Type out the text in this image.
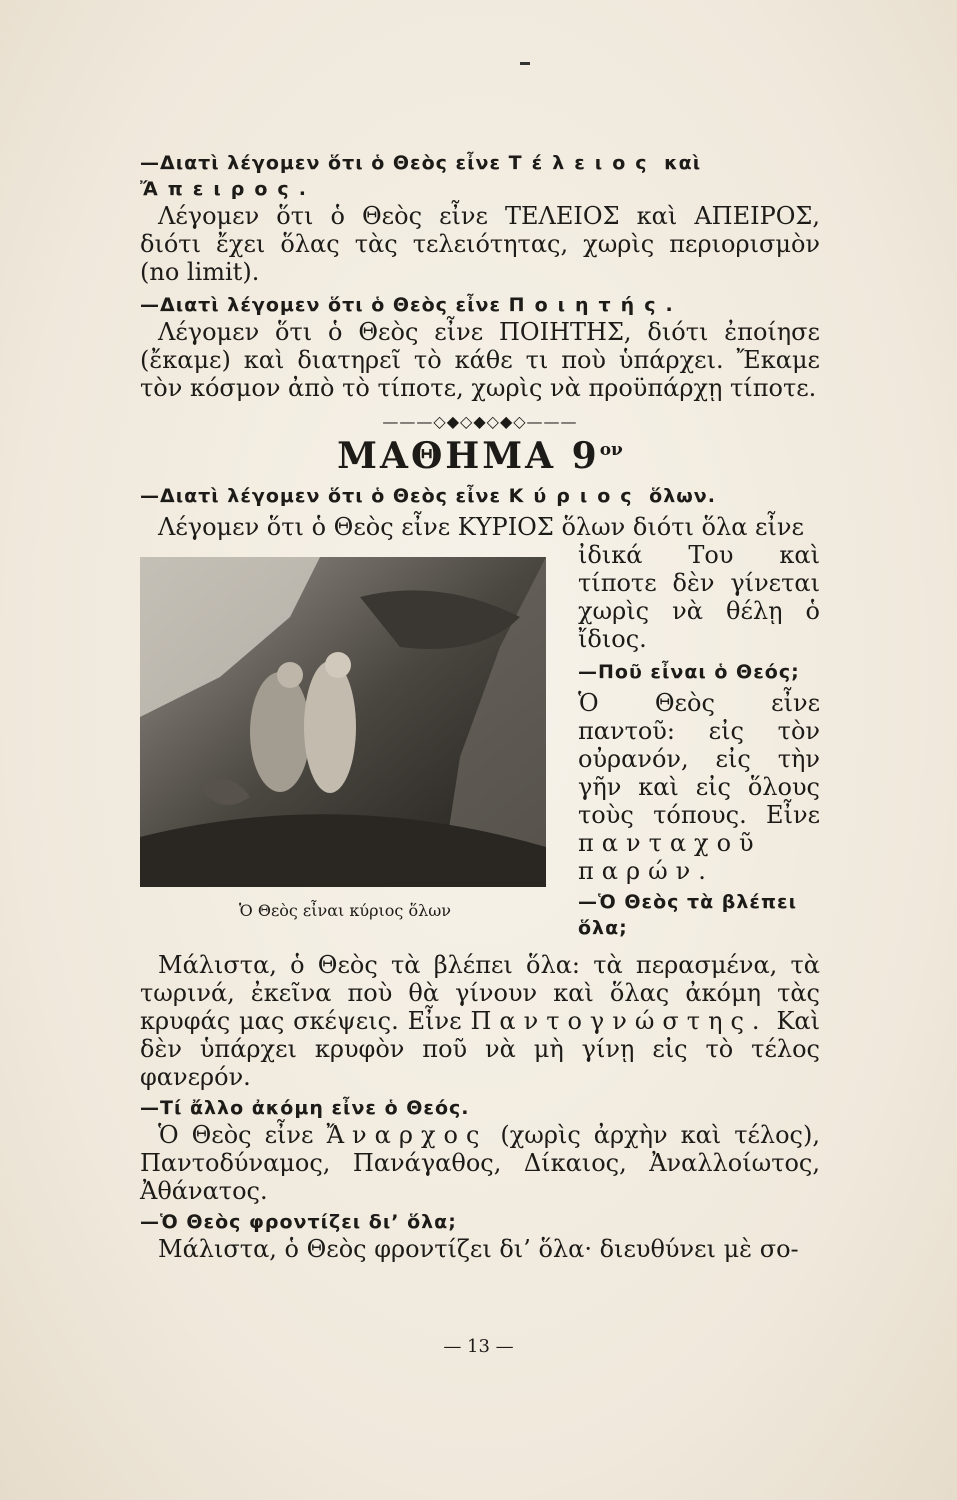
—Διατὶ λέγομεν ὅτι ὁ Θεὸς εἶνε Τέλειος καὶ Ἄπειρος.

Λέγομεν ὅτι ὁ Θεὸς εἶνε ΤΕΛΕΙΟΣ καὶ ΑΠΕΙΡΟΣ, διότι ἔχει ὅλας τὰς τελειότητας, χωρὶς περιορισμὸν (no limit).

—Διατὶ λέγομεν ὅτι ὁ Θεὸς εἶνε Ποιητής.

Λέγομεν ὅτι ὁ Θεὸς εἶνε ΠΟΙΗΤΗΣ, διότι ἐποίησε (ἔκαμε) καὶ διατηρεῖ τὸ κάθε τι ποὺ ὑπάρχει. Ἔκαμε τὸν κόσμον ἀπὸ τὸ τίποτε, χωρὶς νὰ προϋπάρχῃ τίποτε.

———◇◆◇◆◇◆◇———
ΜΑΘΗΜΑ $9^{o\nu}$

—Διατὶ λέγομεν ὅτι ὁ Θεὸς εἶνε Κύριος ὅλων.

Λέγομεν ὅτι ὁ Θεὸς εἶνε ΚΥΡΙΟΣ ὅλων διότι ὅλα εἶνε

Ὁ Θεὸς εἶναι κύριος ὅλων

ἰδικά Του καὶ τίποτε δὲν γίνεται χωρὶς νὰ θέλῃ ὁ ἴδιος.

—Ποῦ εἶναι ὁ Θεός;

Ὁ Θεὸς εἶνε παντοῦ: εἰς τὸν οὐρανόν, εἰς τὴν γῆν καὶ εἰς ὅλους τοὺς τόπους. Εἶνε πανταχοῦ παρών.

—Ὁ Θεὸς τὰ βλέπει ὅλα;

Μάλιστα, ὁ Θεὸς τὰ βλέπει ὅλα: τὰ περασμένα, τὰ τωρινά, ἐκεῖνα ποὺ θὰ γίνουν καὶ ὅλας ἀκόμη τὰς κρυφάς μας σκέψεις. Εἶνε Παντογνώστης. Καὶ δὲν ὑπάρχει κρυφὸν ποῦ νὰ μὴ γίνῃ εἰς τὸ τέλος φανερόν.

—Τί ἄλλο ἀκόμη εἶνε ὁ Θεός.

Ὁ Θεὸς εἶνε Ἄναρχος (χωρὶς ἀρχὴν καὶ τέλος), Παντοδύναμος, Πανάγαθος, Δίκαιος, Ἀναλλοίωτος, Ἀθάνατος.

—Ὁ Θεὸς φροντίζει δι’ ὅλα;

Μάλιστα, ὁ Θεὸς φροντίζει δι’ ὅλα· διευθύνει μὲ σο-

— 13 —
